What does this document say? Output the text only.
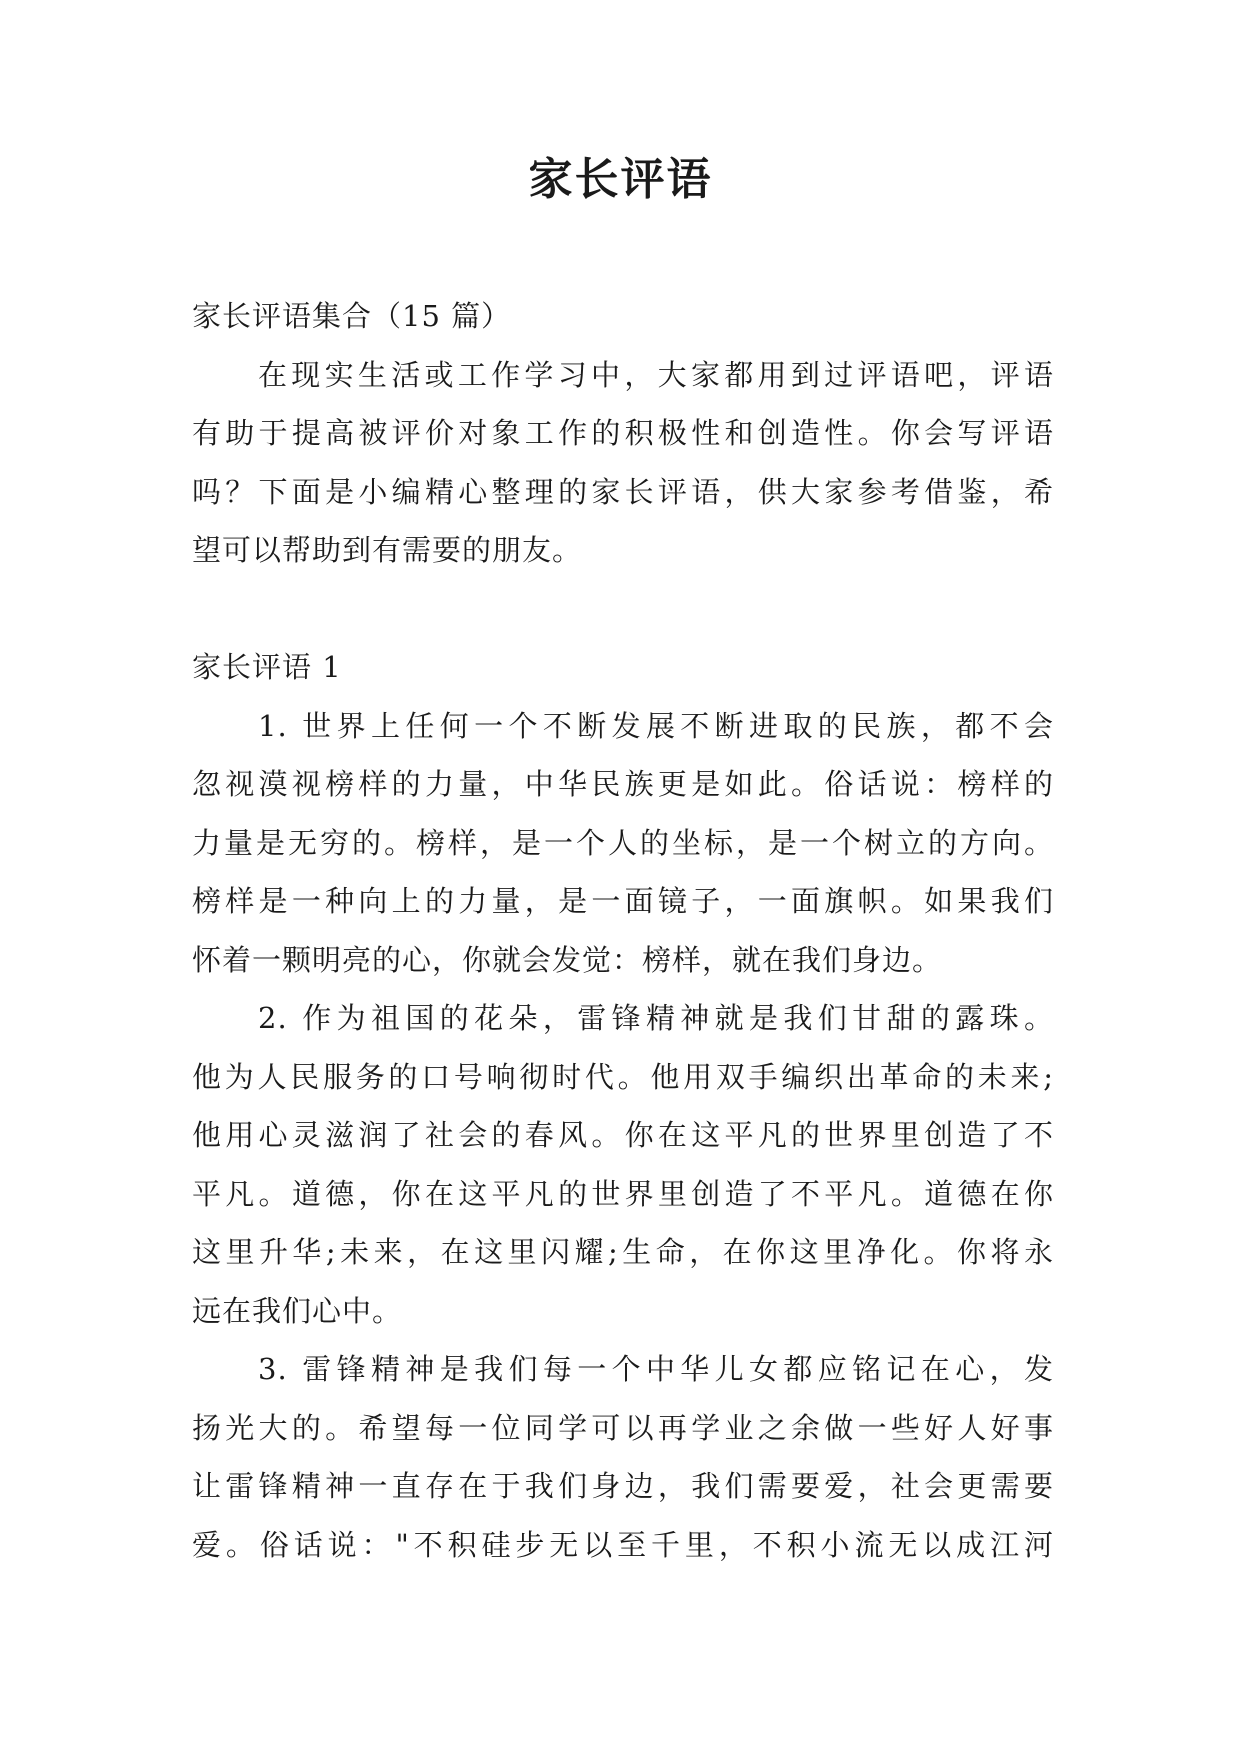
家长评语
家长评语集合（15 篇）
在现实生活或工作学习中，大家都用到过评语吧，评语
有助于提高被评价对象工作的积极性和创造性。你会写评语
吗？下面是小编精心整理的家长评语，供大家参考借鉴，希
望可以帮助到有需要的朋友。
家长评语 1
1. 世界上任何一个不断发展不断进取的民族，都不会
忽视漠视榜样的力量，中华民族更是如此。俗话说：榜样的
力量是无穷的。榜样，是一个人的坐标，是一个树立的方向。
榜样是一种向上的力量，是一面镜子，一面旗帜。如果我们
怀着一颗明亮的心，你就会发觉：榜样，就在我们身边。
2. 作为祖国的花朵，雷锋精神就是我们甘甜的露珠。
他为人民服务的口号响彻时代。他用双手编织出革命的未来;
他用心灵滋润了社会的春风。你在这平凡的世界里创造了不
平凡。道德，你在这平凡的世界里创造了不平凡。道德在你
这里升华;未来，在这里闪耀;生命，在你这里净化。你将永
远在我们心中。
3. 雷锋精神是我们每一个中华儿女都应铭记在心，发
扬光大的。希望每一位同学可以再学业之余做一些好人好事
让雷锋精神一直存在于我们身边，我们需要爱，社会更需要
爱。俗话说："不积硅步无以至千里，不积小流无以成江河
